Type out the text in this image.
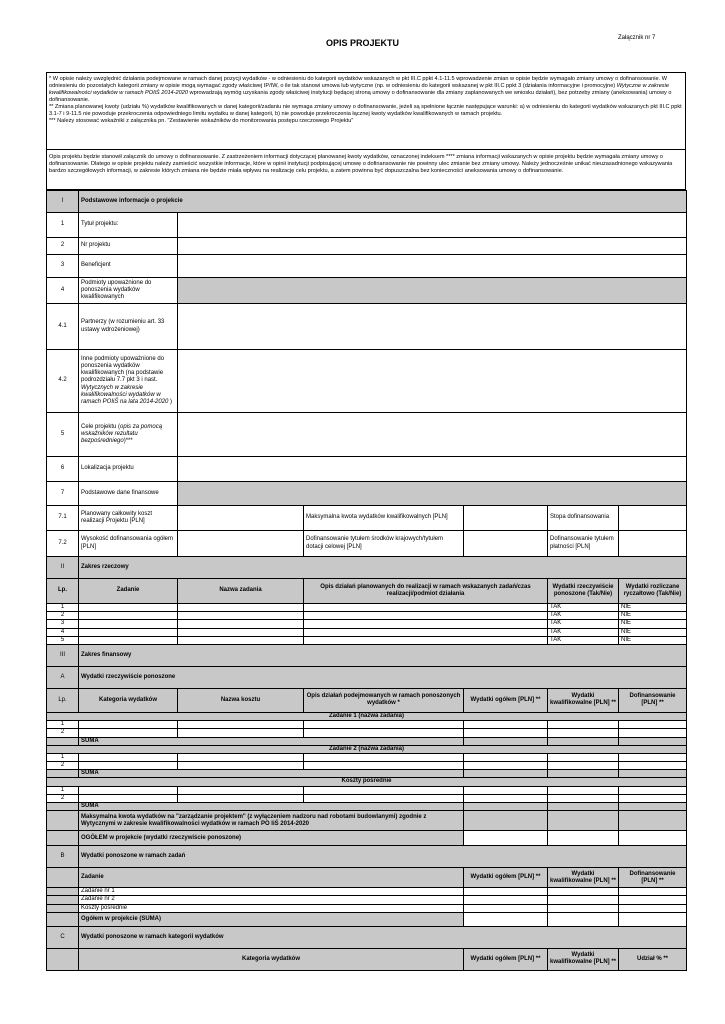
OPIS PROJEKTU	Załącznik nr 7

* W opisie należy uwzględnić działania podejmowane w ramach danej pozycji wydatków - w odniesieniu do kategorii wydatków wskazanych w pkt III.C ppkt 4.1-11.5 wprowadzenie zmian w opisie będzie wymagało zmiany umowy o dofinansowanie. W odniesieniu do pozostałych kategorii zmiany w opisie mogą wymagać zgody właściwej IP/IW, o ile tak stanowi umowa lub wytyczne (np. w odniesieniu do kategorii wskazanej w pkt III.C ppkt 3 (działania informacyjne i promocyjne) Wytyczne w zakresie kwalifikowalności wydatków w ramach POIiŚ 2014-2020 wprowadzają wymóg uzyskania zgody właściwej instytucji będącej stroną umowy o dofinansowanie dla zmiany zaplanowanych we wniosku działań), bez potrzeby zmiany (aneksowania) umowy o dofinansowanie.

** Zmiana planowanej kwoty (udziału %) wydatków kwalifikowanych w danej kategorii/zadaniu nie wymaga zmiany umowy o dofinansowanie, jeżeli są spełnione łącznie następujące warunki: a) w odniesieniu do kategorii wydatków wskazanych pkt III.C ppkt 3.1-7 i 9-11.5 nie powoduje przekroczenia odpowiedniego limitu wydatku w danej kategorii, b) nie powoduje przekroczenia łącznej kwoty wydatków kwalifikowanych w ramach projektu.

*** Należy stosować wskaźniki z załącznika pn. "Zestawienie wskaźników do monitorowania postępu rzeczowego Projektu"

Opis projektu będzie stanowił załącznik do umowy o dofinansowanie. Z zastrzeżeniem informacji dotyczącej planowanej kwoty wydatków, oznaczonej indeksem **** zmiana informacji wskazanych w opisie projektu będzie wymagała zmiany umowy o dofinansowanie. Dlatego w opisie projektu należy zamieścić wszystkie informacje, które w opinii instytucji podpisującej umowę o dofinansowanie nie powinny ulec zmianie bez zmiany umowy. Należy jednocześnie unikać nieuzasadnionego wskazywania bardzo szczegółowych informacji, w zakresie których zmiana nie będzie miała wpływu na realizację celu projektu, a zatem powinna być dopuszczalna bez konieczności aneksowania umowy o dofinansowanie.
I	Podstawowe informacje o projekcie					
1	Tytuł projektu:					
2	Nr projektu					
3	Beneficjent					
4	Podmioty upoważnione do ponoszenia wydatków kwalifikowanych					
4.1	Partnerzy (w rozumieniu art. 33 ustawy wdrożeniowej)					
4.2	Inne podmioty upoważnione do ponoszenia wydatków kwalifikowanych (na podstawie podrozdziału 7.7 pkt 3 i nast. Wytycznych w zakresie kwalifikowalności wydatków w ramach POIiŚ na lata 2014-2020 )					
5	Cele projektu (opis za pomocą wskaźników rezultatu bezpośredniego)***					
6	Lokalizacja projektu					
7	Podstawowe dane finansowe					
7.1	Planowany całkowity koszt realizacji Projektu [PLN]		Maksymalna kwota wydatków kwalifikowalnych [PLN]		Stopa dofinansowania	
7.2	Wysokość dofinansowania ogółem [PLN]		Dofinansowanie tytułem środków krajowych/tytułem dotacji celowej [PLN]		Dofinansowanie tytułem płatności [PLN]	
II	Zakres rzeczowy					
Lp.	Zadanie	Nazwa zadania	Opis działań planowanych do realizacji w ramach wskazanych zadań/czas realizacji/podmiot działania		Wydatki rzeczywiście ponoszone (Tak/Nie)	Wydatki rozliczane ryczałtowo (Tak/Nie)
1					TAK	NIE
2					TAK	NIE
3					TAK	NIE
4					TAK	NIE
5					TAK	NIE
III	Zakres finansowy					
A	Wydatki rzeczywiście ponoszone					
Lp.	Kategoria wydatków	Nazwa kosztu	Opis działań podejmowanych w ramach ponoszonych wydatków *	Wydatki ogółem [PLN] **	Wydatki kwalifikowalne [PLN] **	Dofinansowanie [PLN] **
Zadanie 1 (nazwa zadania)						
1						
2						
	SUMA					
Zadanie 2 (nazwa zadania)						
1						
2						
	SUMA					
Koszty pośrednie						
1						
2						
	SUMA					
	Maksymalna kwota wydatków na "zarządzanie projektem" (z wyłączeniem nadzoru nad robotami budowlanymi) zgodnie z Wytycznymi w zakresie kwalifikowalności wydatków w ramach PO IiŚ 2014-2020					
	OGÓŁEM w projekcie (wydatki rzeczywiście ponoszone)					
B	Wydatki ponoszone w ramach zadań					
	Zadanie			Wydatki ogółem [PLN] **	Wydatki kwalifikowalne [PLN] **	Dofinansowanie [PLN] **
	Zadanie nr 1					
	Zadanie nr 2					
	Koszty pośrednie					
	Ogółem w projekcie (SUMA)					
C	Wydatki ponoszone w ramach kategorii wydatków					
	Kategoria wydatków			Wydatki ogółem [PLN] **	Wydatki kwalifikowalne [PLN] **	Udział % **
